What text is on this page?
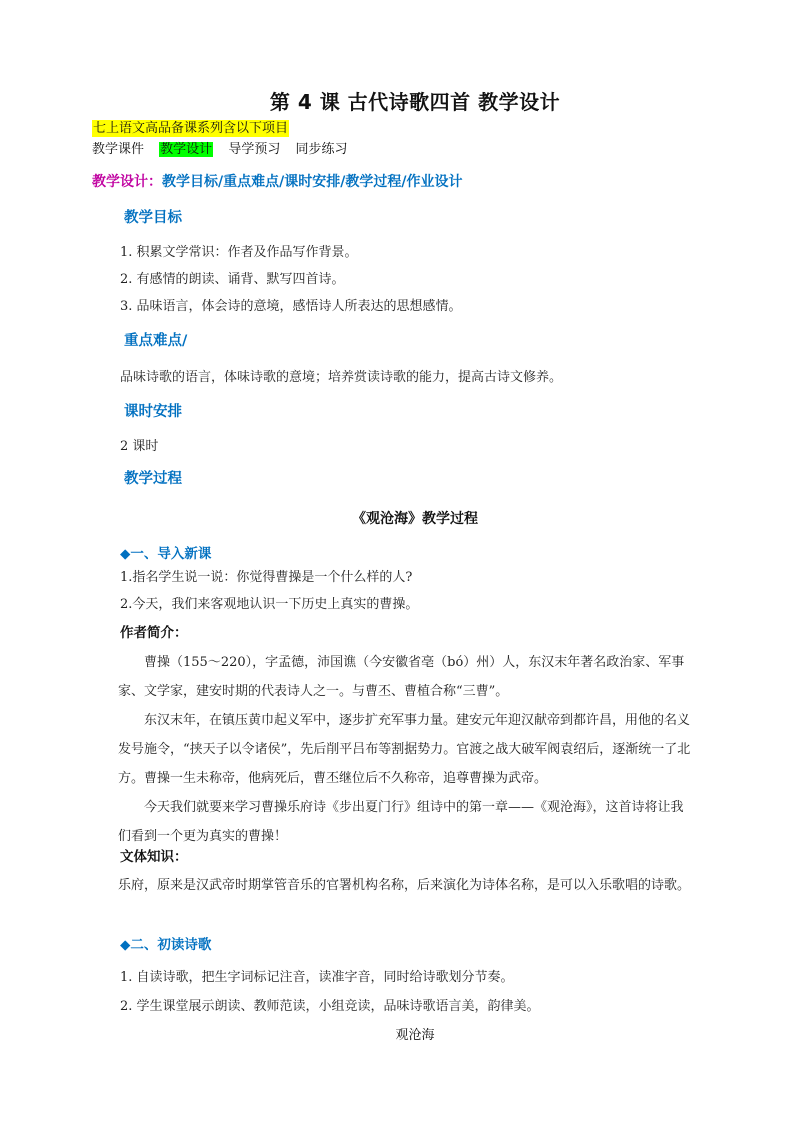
第 4 课 古代诗歌四首 教学设计
七上语文高品备课系列含以下项目
教学课件 教学设计 导学预习 同步练习
教学设计：教学目标/重点难点/课时安排/教学过程/作业设计
教学目标
1. 积累文学常识：作者及作品写作背景。
2. 有感情的朗读、诵背、默写四首诗。
3. 品味语言，体会诗的意境，感悟诗人所表达的思想感情。
重点难点/
品味诗歌的语言，体味诗歌的意境；培养赏读诗歌的能力，提高古诗文修养。
课时安排
2 课时
教学过程
《观沧海》教学过程
◆一、导入新课
1.指名学生说一说：你觉得曹操是一个什么样的人?
2.今天，我们来客观地认识一下历史上真实的曹操。
作者简介：
曹操（155～220），字孟德，沛国谯（今安徽省亳（bó）州）人，东汉末年著名政治家、军事家、文学家，建安时期的代表诗人之一。与曹丕、曹植合称“三曹”。
东汉末年，在镇压黄巾起义军中，逐步扩充军事力量。建安元年迎汉献帝到都许昌，用他的名义发号施令，“挟天子以令诸侯”，先后削平吕布等割据势力。官渡之战大破军阀袁绍后，逐渐统一了北方。曹操一生未称帝，他病死后，曹丕继位后不久称帝，追尊曹操为武帝。
今天我们就要来学习曹操乐府诗《步出夏门行》组诗中的第一章——《观沧海》，这首诗将让我们看到一个更为真实的曹操！
文体知识：
乐府，原来是汉武帝时期掌管音乐的官署机构名称，后来演化为诗体名称，是可以入乐歌唱的诗歌。
◆二、初读诗歌
1. 自读诗歌，把生字词标记注音，读准字音，同时给诗歌划分节奏。
2. 学生课堂展示朗读、教师范读，小组竞读，品味诗歌语言美，韵律美。
观沧海
